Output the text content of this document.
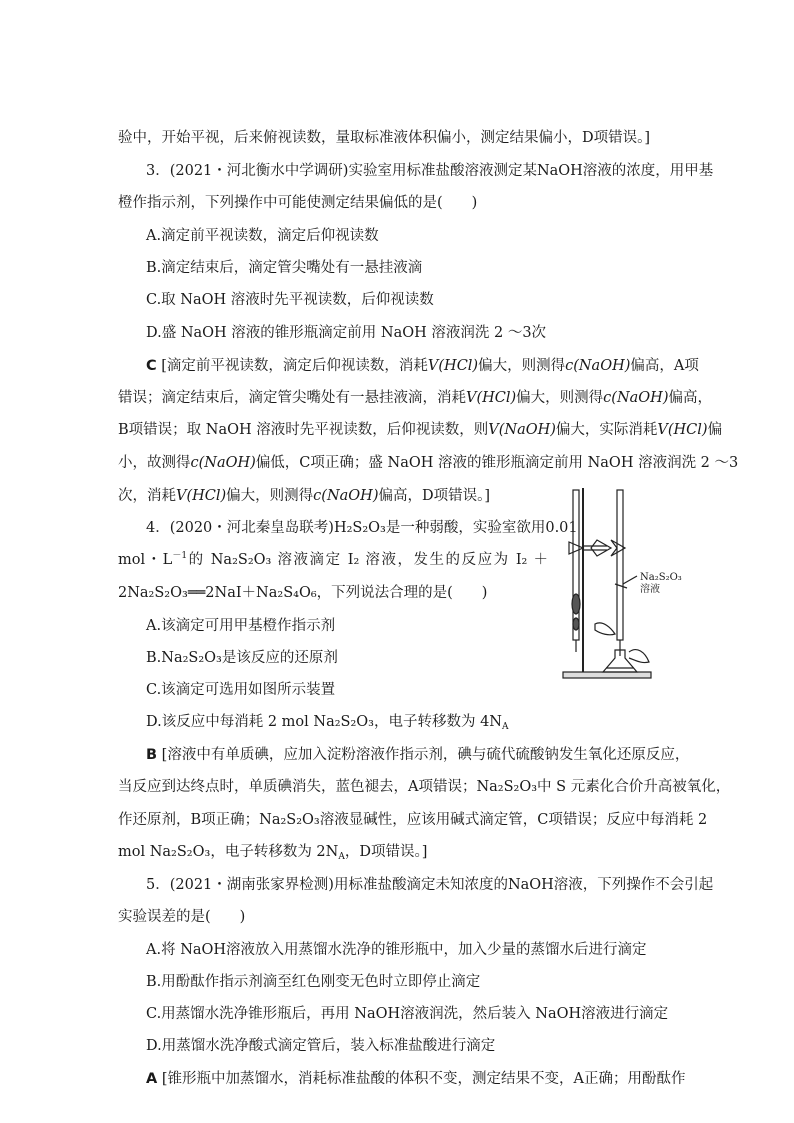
验中，开始平视，后来俯视读数，量取标准液体积偏小，测定结果偏小，D项错误。]
3．(2021・河北衡水中学调研)实验室用标准盐酸溶液测定某NaOH溶液的浓度，用甲基
橙作指示剂，下列操作中可能使测定结果偏低的是(　　)
A.滴定前平视读数，滴定后仰视读数
B.滴定结束后，滴定管尖嘴处有一悬挂液滴
C.取 NaOH 溶液时先平视读数，后仰视读数
D.盛 NaOH 溶液的锥形瓶滴定前用 NaOH 溶液润洗 2 ～3次
C [滴定前平视读数，滴定后仰视读数，消耗V(HCl)偏大，则测得c(NaOH)偏高，A项
错误；滴定结束后，滴定管尖嘴处有一悬挂液滴，消耗V(HCl)偏大，则测得c(NaOH)偏高，
B项错误；取 NaOH 溶液时先平视读数，后仰视读数，则V(NaOH)偏大，实际消耗V(HCl)偏
小，故测得c(NaOH)偏低，C项正确；盛 NaOH 溶液的锥形瓶滴定前用 NaOH 溶液润洗 2 ～3
次，消耗V(HCl)偏大，则测得c(NaOH)偏高，D项错误。]
4．(2020・河北秦皇岛联考)H₂S₂O₃是一种弱酸，实验室欲用0.01
mol・$L^{-1}$的 Na₂S₂O₃ 溶液滴定 I₂ 溶液，发生的反应为 I₂ ＋
2Na₂S₂O₃══2NaI＋Na₂S₄O₆，下列说法合理的是(　　)
A.该滴定可用甲基橙作指示剂
B.Na₂S₂O₃是该反应的还原剂
C.该滴定可选用如图所示装置
D.该反应中每消耗 2 mol Na₂S₂O₃，电子转移数为 $4N_A$
Na₂S₂O₃
溶液
B [溶液中有单质碘，应加入淀粉溶液作指示剂，碘与硫代硫酸钠发生氧化还原反应，
当反应到达终点时，单质碘消失，蓝色褪去，A项错误；Na₂S₂O₃中 S 元素化合价升高被氧化，
作还原剂，B项正确；Na₂S₂O₃溶液显碱性，应该用碱式滴定管，C项错误；反应中每消耗 2
mol Na₂S₂O₃，电子转移数为 $2N_A$，D项错误。]
5．(2021・湖南张家界检测)用标准盐酸滴定未知浓度的NaOH溶液，下列操作不会引起
实验误差的是(　　)
A.将 NaOH溶液放入用蒸馏水洗净的锥形瓶中，加入少量的蒸馏水后进行滴定
B.用酚酞作指示剂滴至红色刚变无色时立即停止滴定
C.用蒸馏水洗净锥形瓶后，再用 NaOH溶液润洗，然后装入 NaOH溶液进行滴定
D.用蒸馏水洗净酸式滴定管后，装入标准盐酸进行滴定
A [锥形瓶中加蒸馏水，消耗标准盐酸的体积不变，测定结果不变，A正确；用酚酞作
